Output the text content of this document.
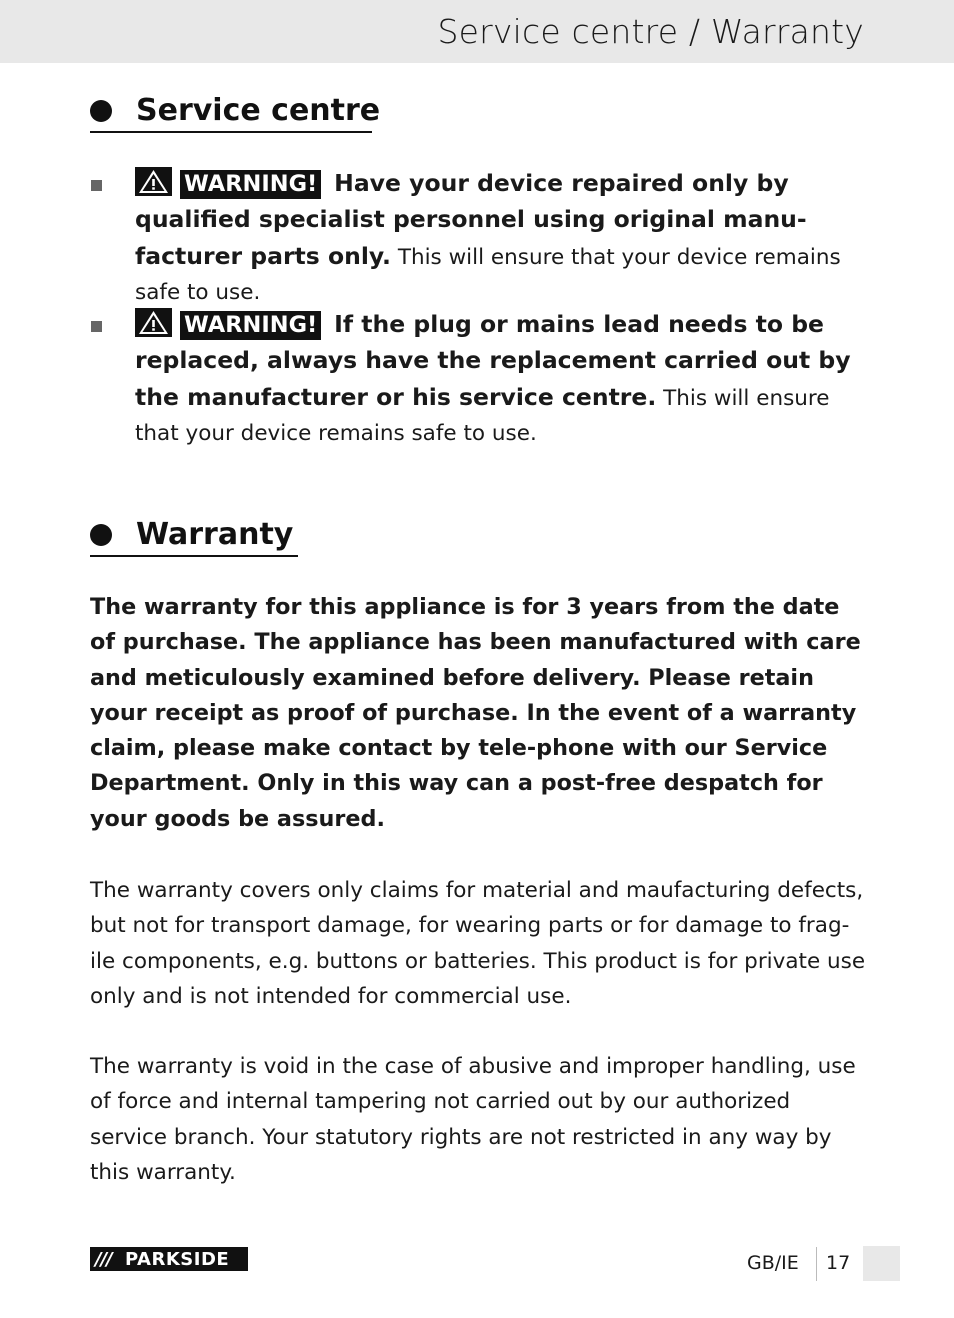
Service centre / Warranty
Service centre
WARNING! Have your device repaired only by qualified specialist personnel using original manu-facturer parts only. This will ensure that your device remains safe to use.
WARNING! If the plug or mains lead needs to be replaced, always have the replacement carried out by the manufacturer or his service centre. This will ensure that your device remains safe to use.
Warranty
The warranty for this appliance is for 3 years from the date of purchase. The appliance has been manufactured with care and meticulously examined before delivery. Please retain your receipt as proof of purchase. In the event of a warranty claim, please make contact by tele-phone with our Service Department. Only in this way can a post-free despatch for your goods be assured.
The warranty covers only claims for material and maufacturing defects, but not for transport damage, for wearing parts or for damage to frag-ile components, e.g. buttons or batteries. This product is for private use only and is not intended for commercial use.
The warranty is void in the case of abusive and improper handling, use of force and internal tampering not carried out by our authorized service branch. Your statutory rights are not restricted in any way by this warranty.
/// PARKSIDE	GB/IE 17
